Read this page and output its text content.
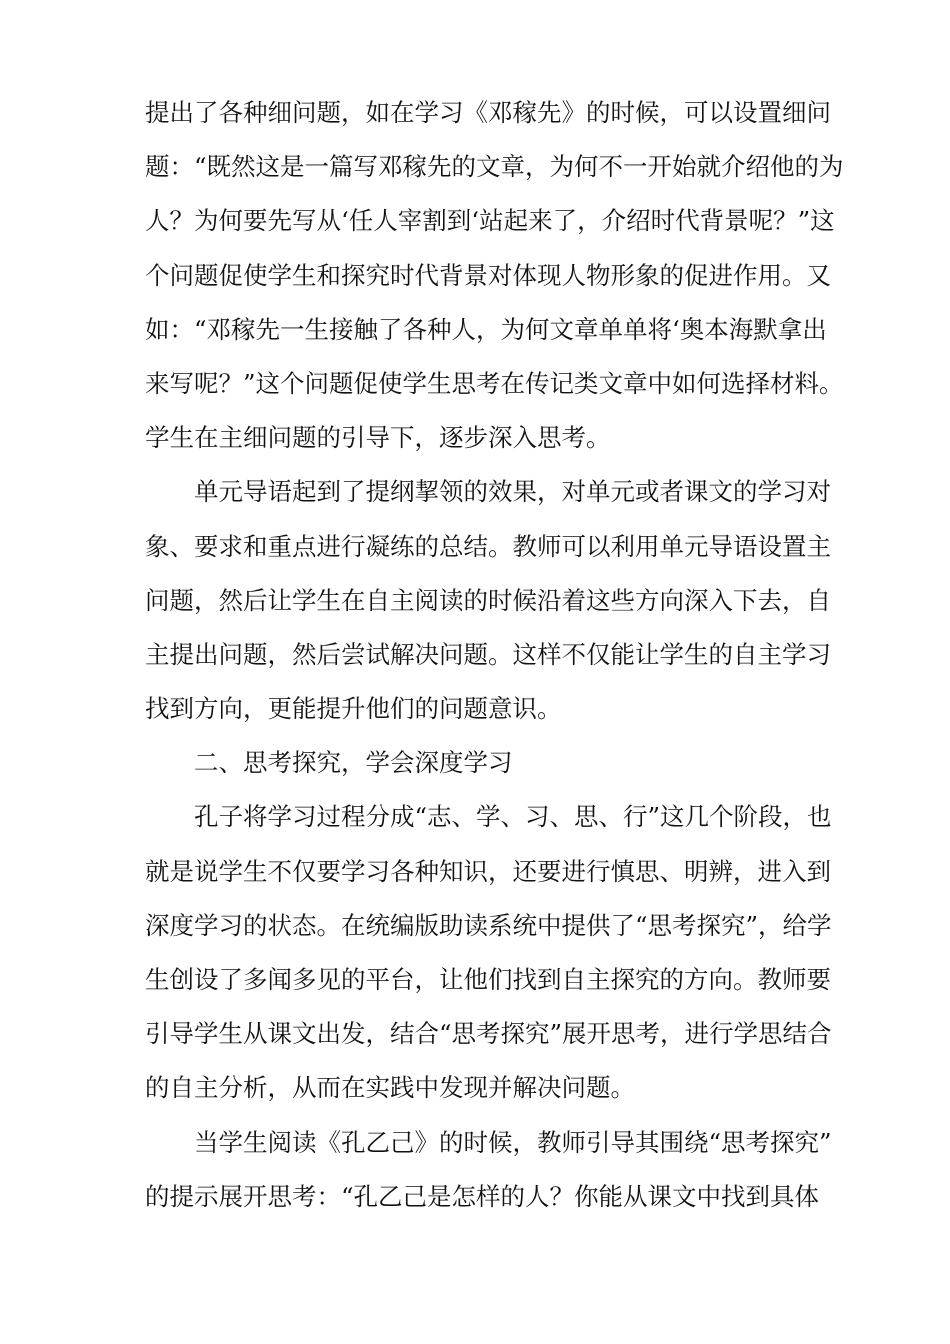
提出了各种细问题，如在学习《邓稼先》的时候，可以设置细问
题：“既然这是一篇写邓稼先的文章，为何不一开始就介绍他的为
人？为何要先写从‘任人宰割到‘站起来了，介绍时代背景呢？”这
个问题促使学生和探究时代背景对体现人物形象的促进作用。又
如：“邓稼先一生接触了各种人，为何文章单单将‘奥本海默拿出
来写呢？”这个问题促使学生思考在传记类文章中如何选择材料。
学生在主细问题的引导下，逐步深入思考。
单元导语起到了提纲挈领的效果，对单元或者课文的学习对
象、要求和重点进行凝练的总结。教师可以利用单元导语设置主
问题，然后让学生在自主阅读的时候沿着这些方向深入下去，自
主提出问题，然后尝试解决问题。这样不仅能让学生的自主学习
找到方向，更能提升他们的问题意识。
二、思考探究，学会深度学习
孔子将学习过程分成“志、学、习、思、行”这几个阶段，也
就是说学生不仅要学习各种知识，还要进行慎思、明辨，进入到
深度学习的状态。在统编版助读系统中提供了“思考探究”，给学
生创设了多闻多见的平台，让他们找到自主探究的方向。教师要
引导学生从课文出发，结合“思考探究”展开思考，进行学思结合
的自主分析，从而在实践中发现并解决问题。
当学生阅读《孔乙己》的时候，教师引导其围绕“思考探究”
的提示展开思考：“孔乙己是怎样的人？你能从课文中找到具体
